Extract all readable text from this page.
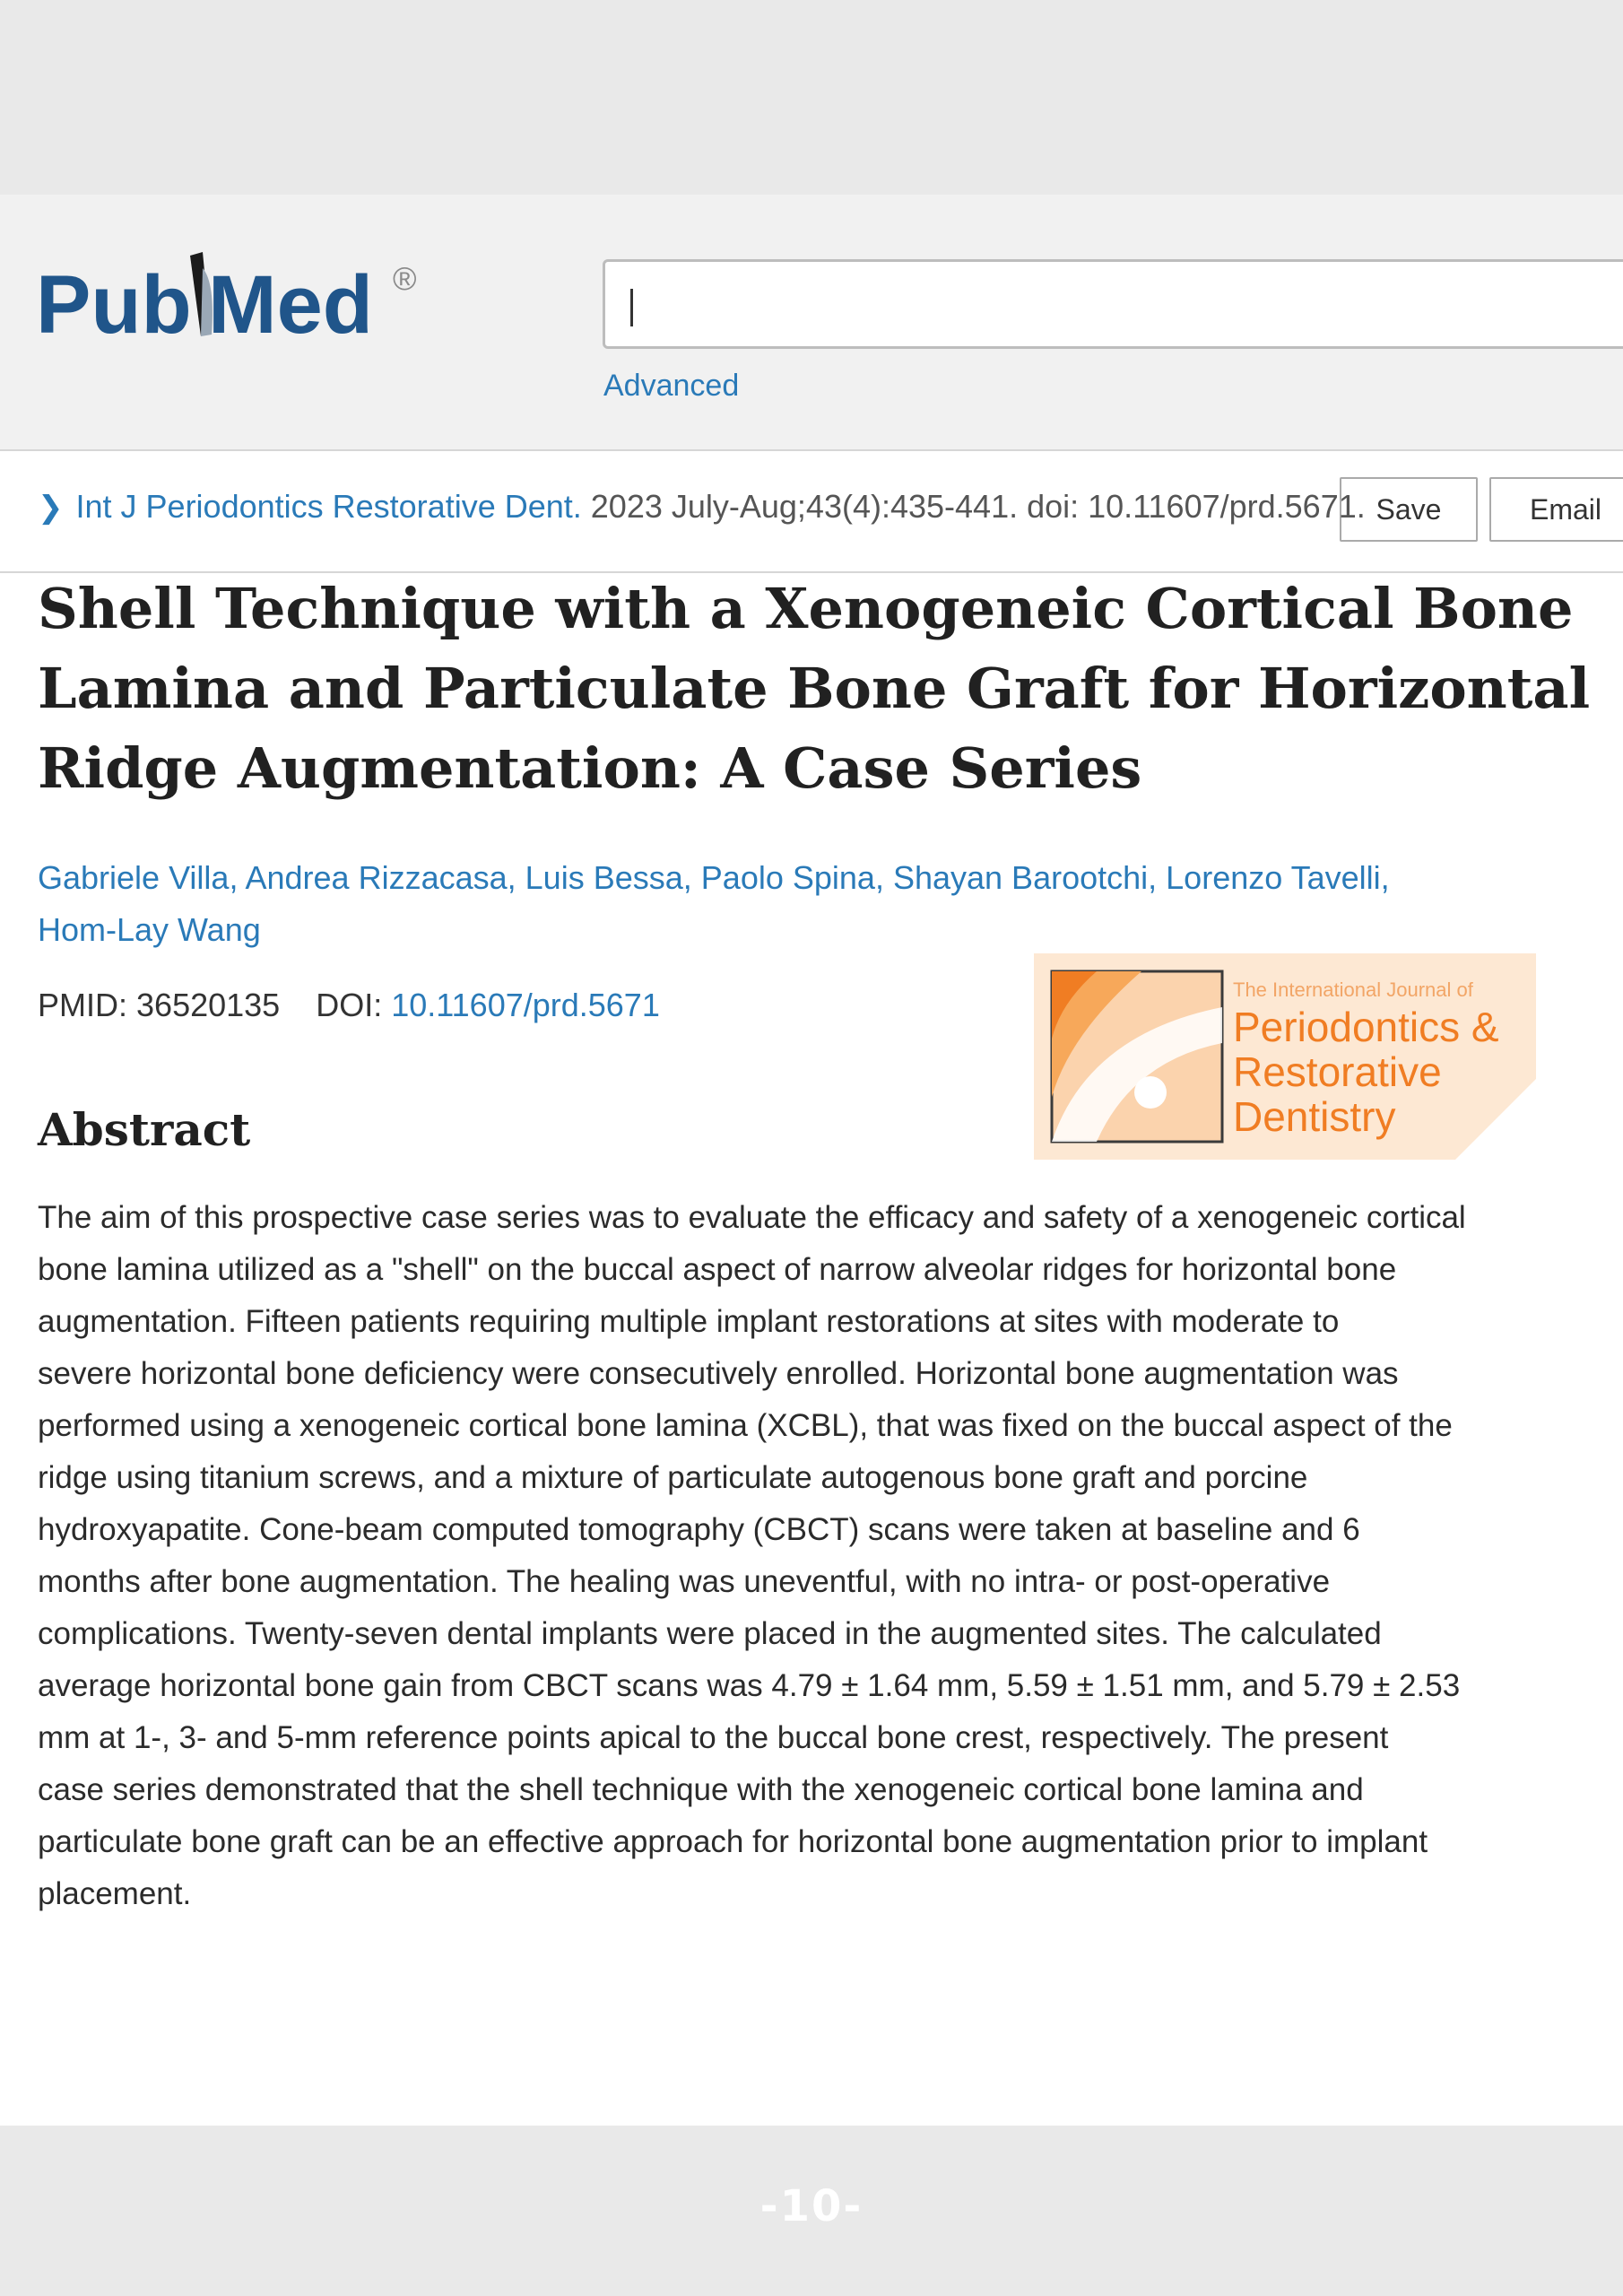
Pub Med ®
Advanced
Save	Email
❯ Int J Periodontics Restorative Dent. 2023 July-Aug;43(4):435-441. doi: 10.11607/prd.5671.
Shell Technique with a Xenogeneic Cortical Bone
Lamina and Particulate Bone Graft for Horizontal
Ridge Augmentation: A Case Series
Gabriele Villa, Andrea Rizzacasa, Luis Bessa, Paolo Spina, Shayan Barootchi, Lorenzo Tavelli,
Hom-Lay Wang
PMID: 36520135 DOI: 10.11607/prd.5671	The International Journal of
Periodontics &
Restorative
Dentistry
Abstract
The aim of this prospective case series was to evaluate the efficacy and safety of a xenogeneic cortical
bone lamina utilized as a "shell" on the buccal aspect of narrow alveolar ridges for horizontal bone
augmentation. Fifteen patients requiring multiple implant restorations at sites with moderate to
severe horizontal bone deficiency were consecutively enrolled. Horizontal bone augmentation was
performed using a xenogeneic cortical bone lamina (XCBL), that was fixed on the buccal aspect of the
ridge using titanium screws, and a mixture of particulate autogenous bone graft and porcine
hydroxyapatite. Cone-beam computed tomography (CBCT) scans were taken at baseline and 6
months after bone augmentation. The healing was uneventful, with no intra- or post-operative
complications. Twenty-seven dental implants were placed in the augmented sites. The calculated
average horizontal bone gain from CBCT scans was 4.79 ± 1.64 mm, 5.59 ± 1.51 mm, and 5.79 ± 2.53
mm at 1-, 3- and 5-mm reference points apical to the buccal bone crest, respectively. The present
case series demonstrated that the shell technique with the xenogeneic cortical bone lamina and
particulate bone graft can be an effective approach for horizontal bone augmentation prior to implant
placement.
-10-
